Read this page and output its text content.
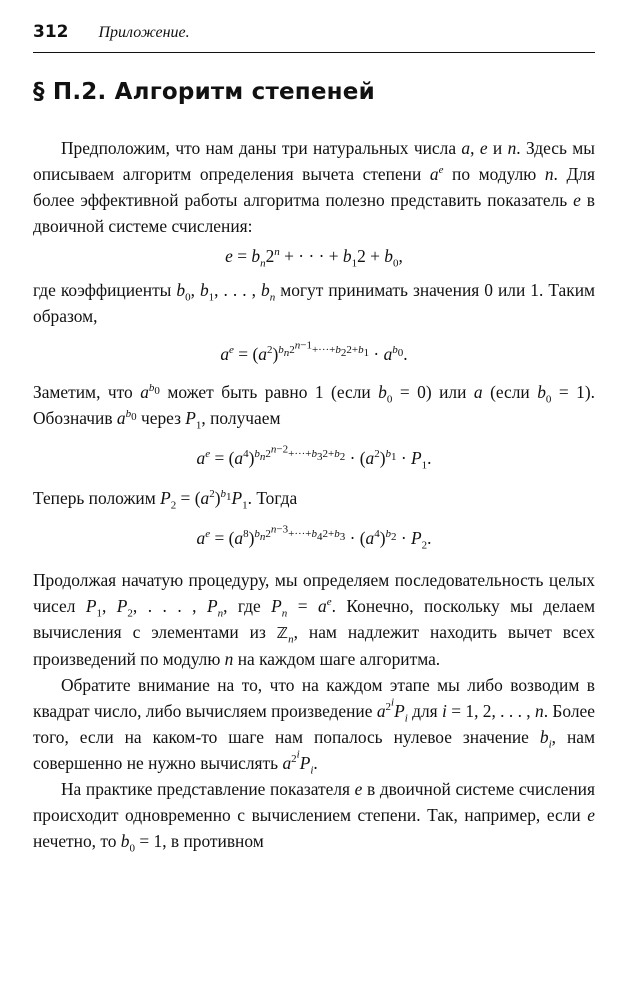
312 Приложение.
§ П.2. Алгоритм степеней

Предположим, что нам даны три натуральных числа a, e и n. Здесь мы описываем алгоритм определения вычета степени $a^e$ по модулю n. Для более эффективной работы алгоритма полезно представить показатель e в двоичной системе счисления:

$e = b_n2^n$ + · · · + $b_12 + b_0$,

где коэффициенты $b_0$, $b_1$, . . . , $b_n$ могут принимать значения 0 или 1. Таким образом,

$a^e = (a^2)^{b_n2^{n-1}+\cdot\cdot\cdot+b_22+b_1} \cdot a^{b_0}$.

Заметим, что $a^{b_0}$ может быть равно 1 (если $b_0 = 0$) или a (если $b_0 = 1$). Обозначив $a^{b_0}$ через $P_1$, получаем

$a^e = (a^4)^{b_n2^{n-2}+\cdot\cdot\cdot+b_32+b_2} \cdot (a^2)^{b_1} \cdot P_1$.

Теперь положим $P_2 = (a^2)^{b_1}P_1$. Тогда

$a^e = (a^8)^{b_n2^{n-3}+\cdot\cdot\cdot+b_42+b_3} \cdot (a^4)^{b_2} \cdot P_2$.

Продолжая начатую процедуру, мы определяем последовательность целых чисел $P_1$, $P_2$, . . . , $P_n$, где $P_n = a^e$. Конечно, поскольку мы делаем вычисления с элементами из ℤ$_n$, нам надлежит находить вычет всех произведений по модулю n на каждом шаге алгоритма.

Обратите внимание на то, что на каждом этапе мы либо возводим в квадрат число, либо вычисляем произведение $a^{2^i}P_i$ для i = 1, 2, . . . , n. Более того, если на каком-то шаге нам попалось нулевое значение $b_i$, нам совершенно не нужно вычислять $a^{2^i}P_i$.

На практике представление показателя e в двоичной системе счисления происходит одновременно с вычислением степени. Так, например, если e нечетно, то $b_0 = 1$, в противном
